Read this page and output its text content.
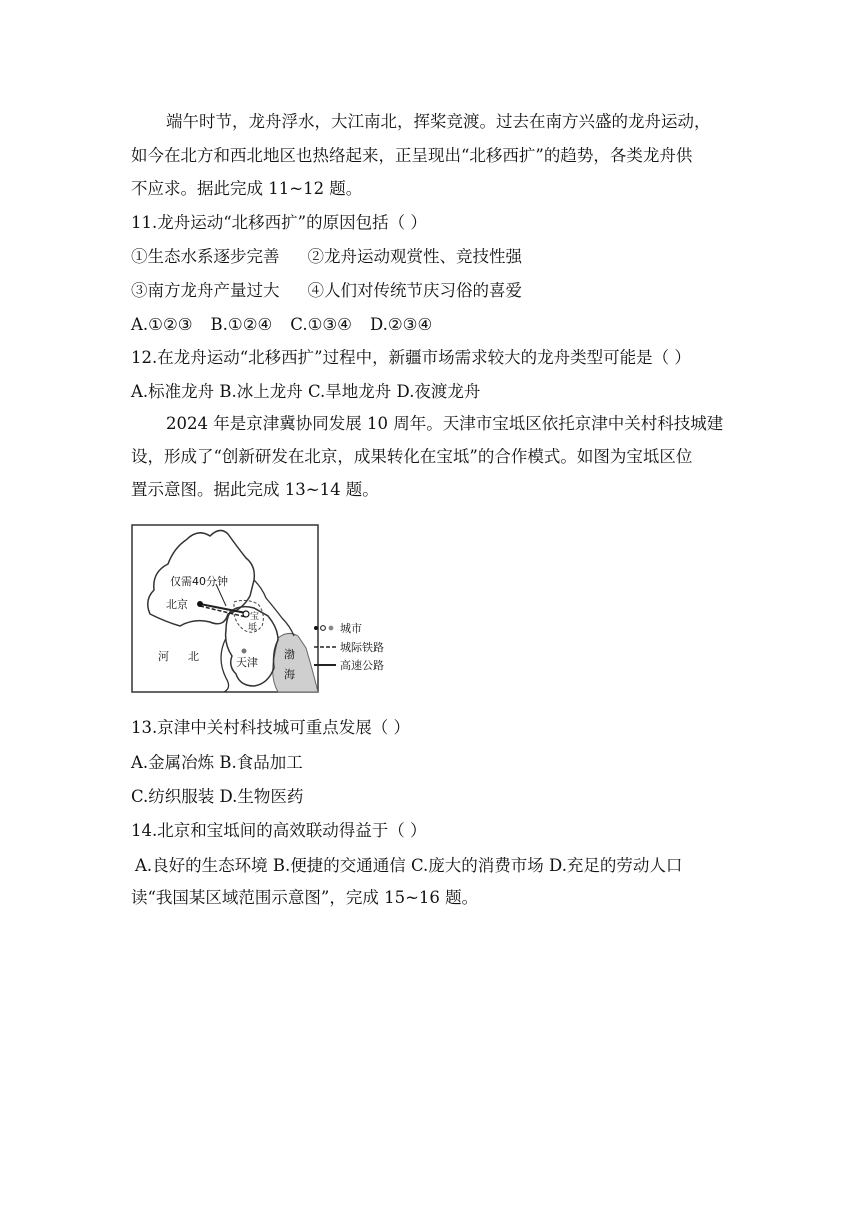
端午时节，龙舟浮水，大江南北，挥桨竞渡。过去在南方兴盛的龙舟运动，
如今在北方和西北地区也热络起来，正呈现出“北移西扩”的趋势，各类龙舟供
不应求。据此完成 11~12 题。
11.龙舟运动“北移西扩”的原因包括（ ）
①生态水系逐步完善 ②龙舟运动观赏性、竞技性强
③南方龙舟产量过大 ④人们对传统节庆习俗的喜爱
A.①②③ B.①②④ C.①③④ D.②③④
12.在龙舟运动“北移西扩”过程中，新疆市场需求较大的龙舟类型可能是（ ）
A.标准龙舟 B.冰上龙舟 C.旱地龙舟 D.夜渡龙舟
2024 年是京津冀协同发展 10 周年。天津市宝坻区依托京津中关村科技城建
设，形成了“创新研发在北京，成果转化在宝坻”的合作模式。如图为宝坻区位
置示意图。据此完成 13~14 题。
仅需40分钟
北京
宝
坻
天津
河 北	渤
海
城市
城际铁路
高速公路
13.京津中关村科技城可重点发展（ ）
A.金属冶炼 B.食品加工
C.纺织服装 D.生物医药
14.北京和宝坻间的高效联动得益于（ ）
A.良好的生态环境 B.便捷的交通通信 C.庞大的消费市场 D.充足的劳动人口
读“我国某区域范围示意图”，完成 15~16 题。
